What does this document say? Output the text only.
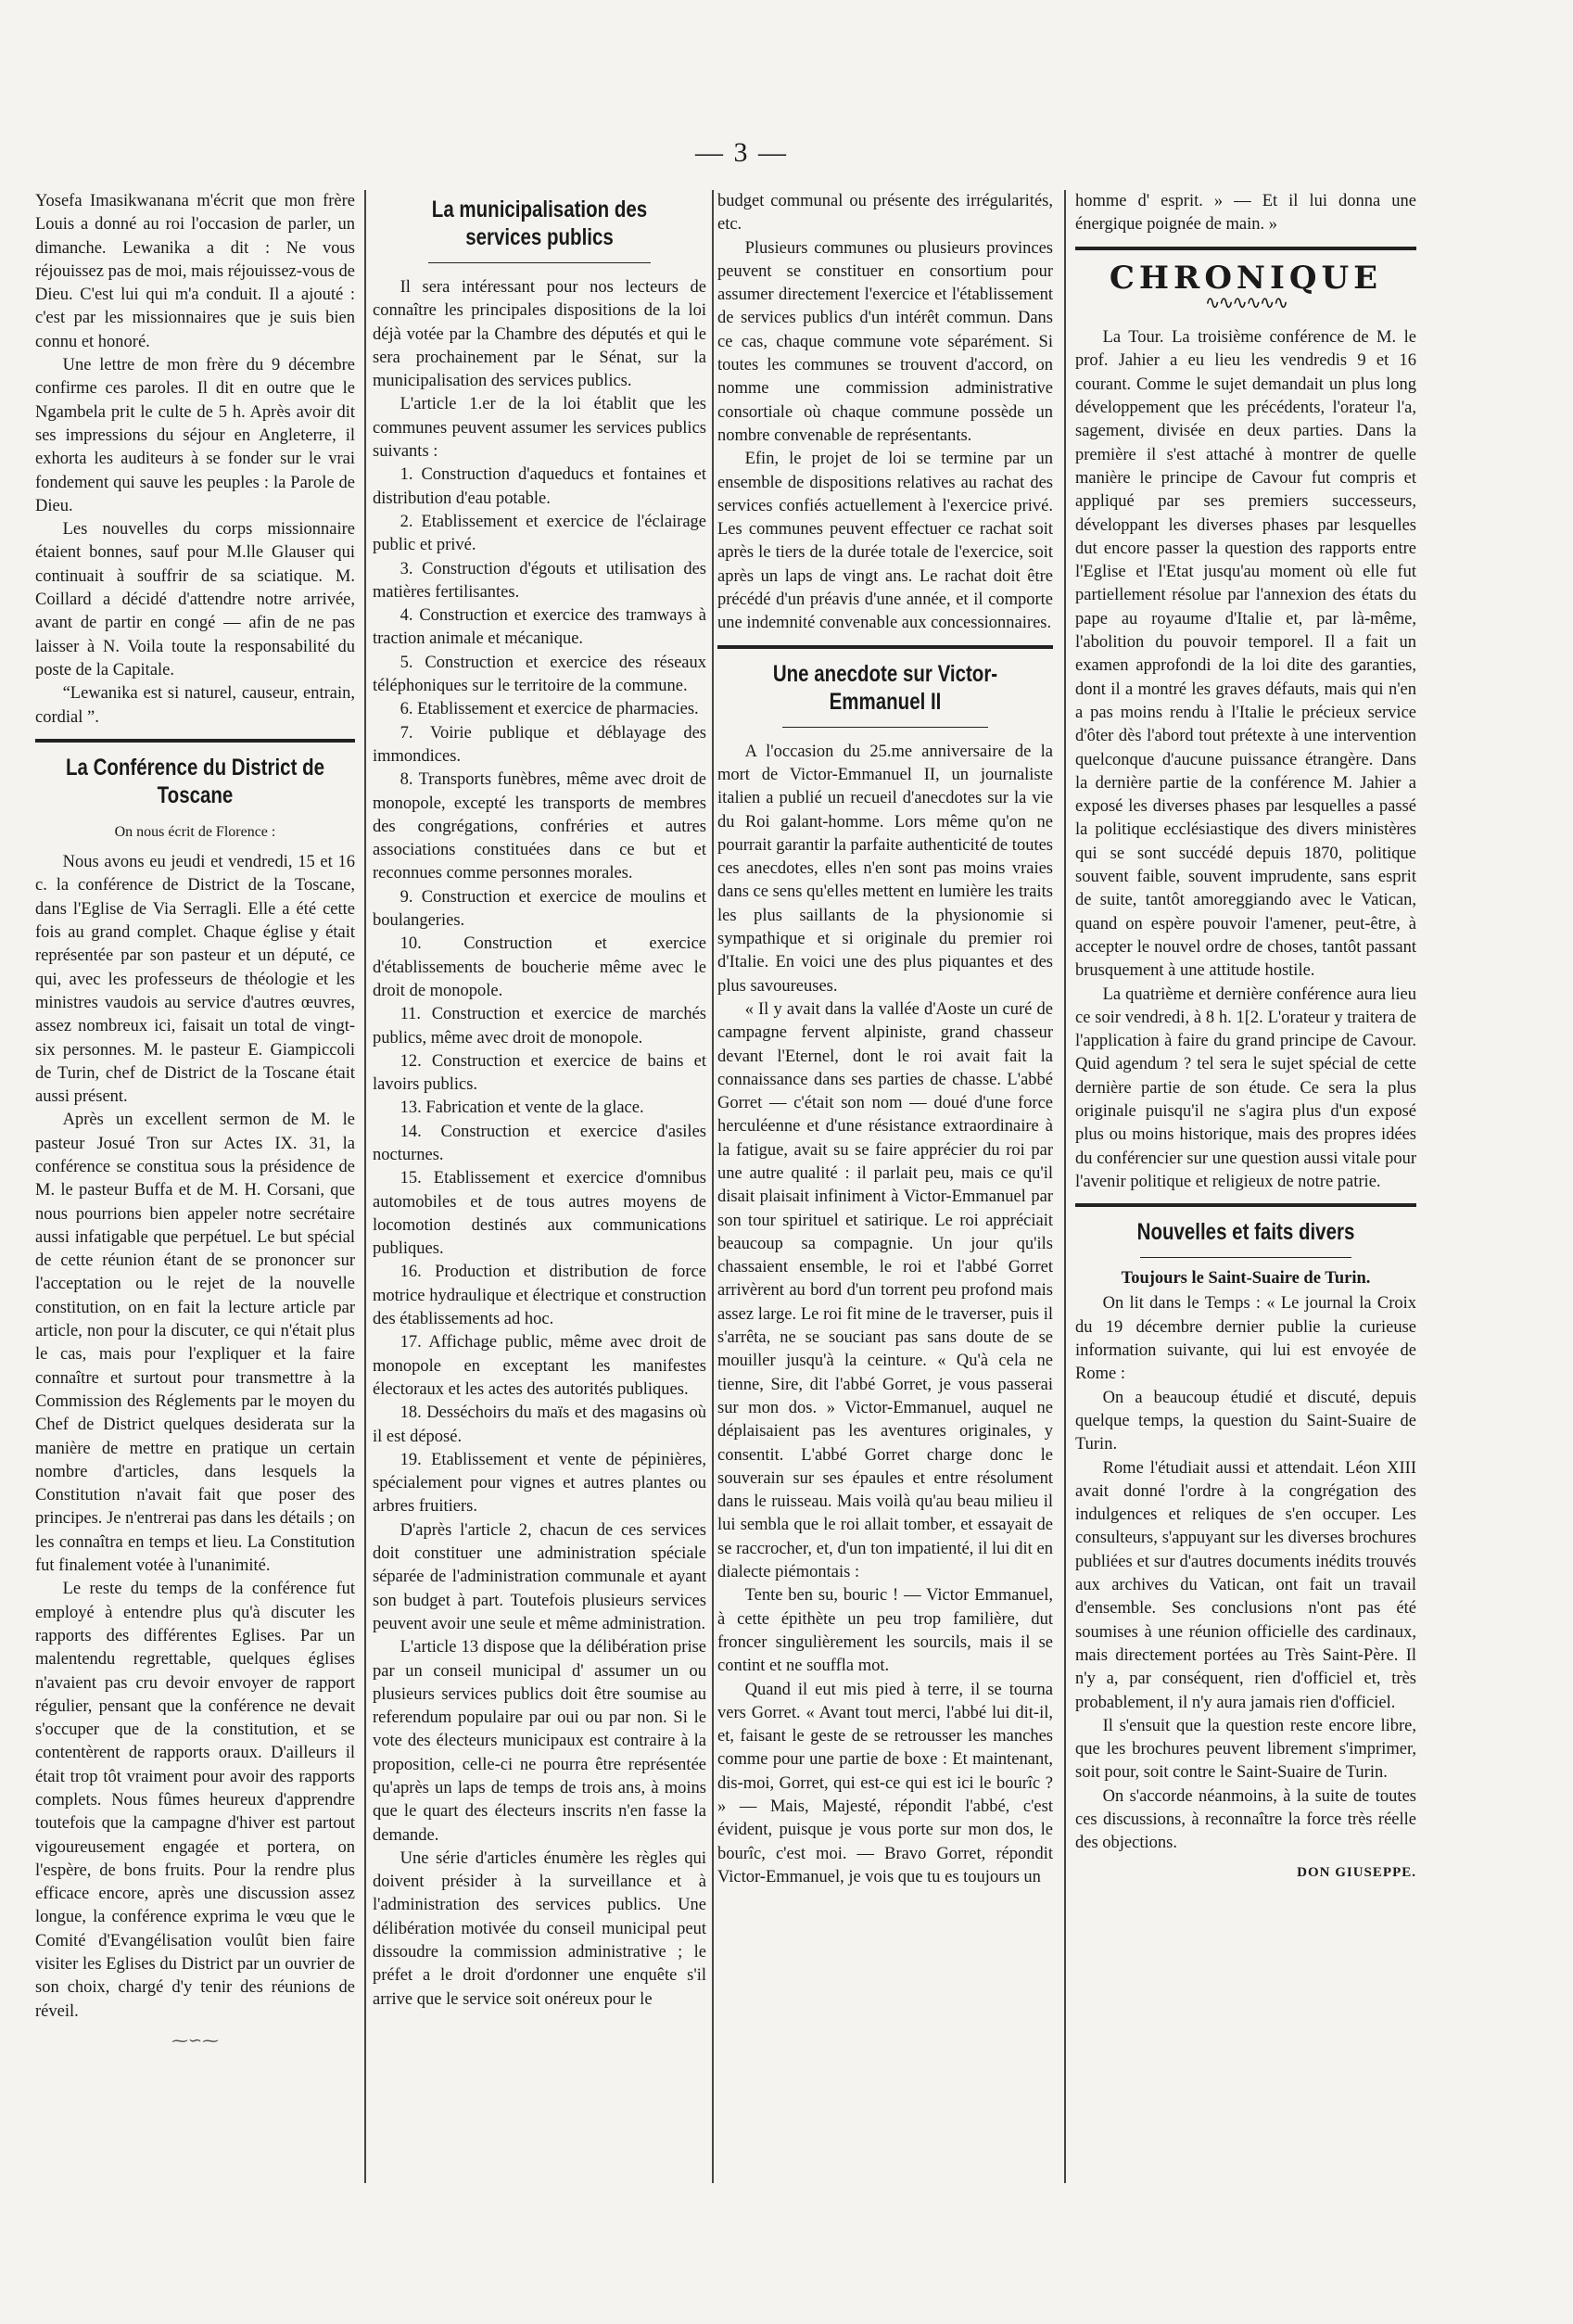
— 3 —

Yosefa Imasikwanana m'écrit que mon frère Louis a donné au roi l'occasion de parler, un dimanche. Lewanika a dit : Ne vous réjouissez pas de moi, mais réjouissez-vous de Dieu. C'est lui qui m'a conduit. Il a ajouté : c'est par les missionnaires que je suis bien connu et honoré.

Une lettre de mon frère du 9 décembre confirme ces paroles. Il dit en outre que le Ngambela prit le culte de 5 h. Après avoir dit ses impressions du séjour en Angleterre, il exhorta les auditeurs à se fonder sur le vrai fondement qui sauve les peuples : la Parole de Dieu.

Les nouvelles du corps missionnaire étaient bonnes, sauf pour M.lle Glauser qui continuait à souffrir de sa sciatique. M. Coillard a décidé d'attendre notre arrivée, avant de partir en congé — afin de ne pas laisser à N. Voila toute la responsabilité du poste de la Capitale.

“Lewanika est si naturel, causeur, entrain, cordial ”.

La Conférence du District de Toscane
On nous écrit de Florence :

Nous avons eu jeudi et vendredi, 15 et 16 c. la conférence de District de la Toscane, dans l'Eglise de Via Serragli. Elle a été cette fois au grand complet. Chaque église y était représentée par son pasteur et un député, ce qui, avec les professeurs de théologie et les ministres vaudois au service d'autres œuvres, assez nombreux ici, faisait un total de vingt-six personnes. M. le pasteur E. Giampiccoli de Turin, chef de District de la Toscane était aussi présent.

Après un excellent sermon de M. le pasteur Josué Tron sur Actes IX. 31, la conférence se constitua sous la présidence de M. le pasteur Buffa et de M. H. Corsani, que nous pourrions bien appeler notre secrétaire aussi infatigable que perpétuel. Le but spécial de cette réunion étant de se prononcer sur l'acceptation ou le rejet de la nouvelle constitution, on en fait la lecture article par article, non pour la discuter, ce qui n'était plus le cas, mais pour l'expliquer et la faire connaître et surtout pour transmettre à la Commission des Réglements par le moyen du Chef de District quelques desiderata sur la manière de mettre en pratique un certain nombre d'articles, dans lesquels la Constitution n'avait fait que poser des principes. Je n'entrerai pas dans les détails ; on les connaîtra en temps et lieu. La Constitution fut finalement votée à l'unanimité.

Le reste du temps de la conférence fut employé à entendre plus qu'à discuter les rapports des différentes Eglises. Par un malentendu regrettable, quelques églises n'avaient pas cru devoir envoyer de rapport régulier, pensant que la conférence ne devait s'occuper que de la constitution, et se contentèrent de rapports oraux. D'ailleurs il était trop tôt vraiment pour avoir des rapports complets. Nous fûmes heureux d'apprendre toutefois que la campagne d'hiver est partout vigoureusement engagée et portera, on l'espère, de bons fruits. Pour la rendre plus efficace encore, après une discussion assez longue, la conférence exprima le vœu que le Comité d'Evangélisation voulût bien faire visiter les Eglises du District par un ouvrier de son choix, chargé d'y tenir des réunions de réveil.

⁓∽⁓
La municipalisation des services publics

Il sera intéressant pour nos lecteurs de connaître les principales dispositions de la loi déjà votée par la Chambre des députés et qui le sera prochainement par le Sénat, sur la municipalisation des services publics.

L'article 1.er de la loi établit que les communes peuvent assumer les services publics suivants :

1. Construction d'aqueducs et fontaines et distribution d'eau potable.

2. Etablissement et exercice de l'éclairage public et privé.

3. Construction d'égouts et utilisation des matières fertilisantes.

4. Construction et exercice des tramways à traction animale et mécanique.

5. Construction et exercice des réseaux téléphoniques sur le territoire de la commune.

6. Etablissement et exercice de pharmacies.

7. Voirie publique et déblayage des immondices.

8. Transports funèbres, même avec droit de monopole, excepté les transports de membres des congrégations, confréries et autres associations constituées dans ce but et reconnues comme personnes morales.

9. Construction et exercice de moulins et boulangeries.

10. Construction et exercice d'établissements de boucherie même avec le droit de monopole.

11. Construction et exercice de marchés publics, même avec droit de monopole.

12. Construction et exercice de bains et lavoirs publics.

13. Fabrication et vente de la glace.

14. Construction et exercice d'asiles nocturnes.

15. Etablissement et exercice d'omnibus automobiles et de tous autres moyens de locomotion destinés aux communications publiques.

16. Production et distribution de force motrice hydraulique et électrique et construction des établissements ad hoc.

17. Affichage public, même avec droit de monopole en exceptant les manifestes électoraux et les actes des autorités publiques.

18. Desséchoirs du maïs et des magasins où il est déposé.

19. Etablissement et vente de pépinières, spécialement pour vignes et autres plantes ou arbres fruitiers.

D'après l'article 2, chacun de ces services doit constituer une administration spéciale séparée de l'administration communale et ayant son budget à part. Toutefois plusieurs services peuvent avoir une seule et même administration.

L'article 13 dispose que la délibération prise par un conseil municipal d' assumer un ou plusieurs services publics doit être soumise au referendum populaire par oui ou par non. Si le vote des électeurs municipaux est contraire à la proposition, celle-ci ne pourra être représentée qu'après un laps de temps de trois ans, à moins que le quart des électeurs inscrits n'en fasse la demande.

Une série d'articles énumère les règles qui doivent présider à la surveillance et à l'administration des services publics. Une délibération motivée du conseil municipal peut dissoudre la commission administrative ; le préfet a le droit d'ordonner une enquête s'il arrive que le service soit onéreux pour le

budget communal ou présente des irrégularités, etc.

Plusieurs communes ou plusieurs provinces peuvent se constituer en consortium pour assumer directement l'exercice et l'établissement de services publics d'un intérêt commun. Dans ce cas, chaque commune vote séparément. Si toutes les communes se trouvent d'accord, on nomme une commission administrative consortiale où chaque commune possède un nombre convenable de représentants.

Efin, le projet de loi se termine par un ensemble de dispositions relatives au rachat des services confiés actuellement à l'exercice privé. Les communes peuvent effectuer ce rachat soit après le tiers de la durée totale de l'exercice, soit après un laps de vingt ans. Le rachat doit être précédé d'un préavis d'une année, et il comporte une indemnité convenable aux concessionnaires.

Une anecdote sur Victor-Emmanuel II

A l'occasion du 25.me anniversaire de la mort de Victor-Emmanuel II, un journaliste italien a publié un recueil d'anecdotes sur la vie du Roi galant-homme. Lors même qu'on ne pourrait garantir la parfaite authenticité de toutes ces anecdotes, elles n'en sont pas moins vraies dans ce sens qu'elles mettent en lumière les traits les plus saillants de la physionomie si sympathique et si originale du premier roi d'Italie. En voici une des plus piquantes et des plus savoureuses.

« Il y avait dans la vallée d'Aoste un curé de campagne fervent alpiniste, grand chasseur devant l'Eternel, dont le roi avait fait la connaissance dans ses parties de chasse. L'abbé Gorret — c'était son nom — doué d'une force herculéenne et d'une résistance extraordinaire à la fatigue, avait su se faire apprécier du roi par une autre qualité : il parlait peu, mais ce qu'il disait plaisait infiniment à Victor-Emmanuel par son tour spirituel et satirique. Le roi appréciait beaucoup sa compagnie. Un jour qu'ils chassaient ensemble, le roi et l'abbé Gorret arrivèrent au bord d'un torrent peu profond mais assez large. Le roi fit mine de le traverser, puis il s'arrêta, ne se souciant pas sans doute de se mouiller jusqu'à la ceinture. « Qu'à cela ne tienne, Sire, dit l'abbé Gorret, je vous passerai sur mon dos. » Victor-Emmanuel, auquel ne déplaisaient pas les aventures originales, y consentit. L'abbé Gorret charge donc le souverain sur ses épaules et entre résolument dans le ruisseau. Mais voilà qu'au beau milieu il lui sembla que le roi allait tomber, et essayait de se raccrocher, et, d'un ton impatienté, il lui dit en dialecte piémontais :

Tente ben su, bouric ! — Victor Emmanuel, à cette épithète un peu trop familière, dut froncer singulièrement les sourcils, mais il se contint et ne souffla mot.

Quand il eut mis pied à terre, il se tourna vers Gorret. « Avant tout merci, l'abbé lui dit-il, et, faisant le geste de se retrousser les manches comme pour une partie de boxe : Et maintenant, dis-moi, Gorret, qui est-ce qui est ici le bourîc ? » — Mais, Majesté, répondit l'abbé, c'est évident, puisque je vous porte sur mon dos, le bourîc, c'est moi. — Bravo Gorret, répondit Victor-Emmanuel, je vois que tu es toujours un

homme d' esprit. » — Et il lui donna une énergique poignée de main. »

CHRONIQUE
∿∿∿∿∿∿

La Tour. La troisième conférence de M. le prof. Jahier a eu lieu les vendredis 9 et 16 courant. Comme le sujet demandait un plus long développement que les précédents, l'orateur l'a, sagement, divisée en deux parties. Dans la première il s'est attaché à montrer de quelle manière le principe de Cavour fut compris et appliqué par ses premiers successeurs, développant les diverses phases par lesquelles dut encore passer la question des rapports entre l'Eglise et l'Etat jusqu'au moment où elle fut partiellement résolue par l'annexion des états du pape au royaume d'Italie et, par là-même, l'abolition du pouvoir temporel. Il a fait un examen approfondi de la loi dite des garanties, dont il a montré les graves défauts, mais qui n'en a pas moins rendu à l'Italie le précieux service d'ôter dès l'abord tout prétexte à une intervention quelconque d'aucune puissance étrangère. Dans la dernière partie de la conférence M. Jahier a exposé les diverses phases par lesquelles a passé la politique ecclésiastique des divers ministères qui se sont succédé depuis 1870, politique souvent faible, souvent imprudente, sans esprit de suite, tantôt amoreggiando avec le Vatican, quand on espère pouvoir l'amener, peut-être, à accepter le nouvel ordre de choses, tantôt passant brusquement à une attitude hostile.

La quatrième et dernière conférence aura lieu ce soir vendredi, à 8 h. 1[2. L'orateur y traitera de l'application à faire du grand principe de Cavour. Quid agendum ? tel sera le sujet spécial de cette dernière partie de son étude. Ce sera la plus originale puisqu'il ne s'agira plus d'un exposé plus ou moins historique, mais des propres idées du conférencier sur une question aussi vitale pour l'avenir politique et religieux de notre patrie.

Nouvelles et faits divers
Toujours le Saint-Suaire de Turin.

On lit dans le Temps : « Le journal la Croix du 19 décembre dernier publie la curieuse information suivante, qui lui est envoyée de Rome :

On a beaucoup étudié et discuté, depuis quelque temps, la question du Saint-Suaire de Turin.

Rome l'étudiait aussi et attendait. Léon XIII avait donné l'ordre à la congrégation des indulgences et reliques de s'en occuper. Les consulteurs, s'appuyant sur les diverses brochures publiées et sur d'autres documents inédits trouvés aux archives du Vatican, ont fait un travail d'ensemble. Ses conclusions n'ont pas été soumises à une réunion officielle des cardinaux, mais directement portées au Très Saint-Père. Il n'y a, par conséquent, rien d'officiel et, très probablement, il n'y aura jamais rien d'officiel.

Il s'ensuit que la question reste encore libre, que les brochures peuvent librement s'imprimer, soit pour, soit contre le Saint-Suaire de Turin.

On s'accorde néanmoins, à la suite de toutes ces discussions, à reconnaître la force très réelle des objections.

DON GIUSEPPE.
